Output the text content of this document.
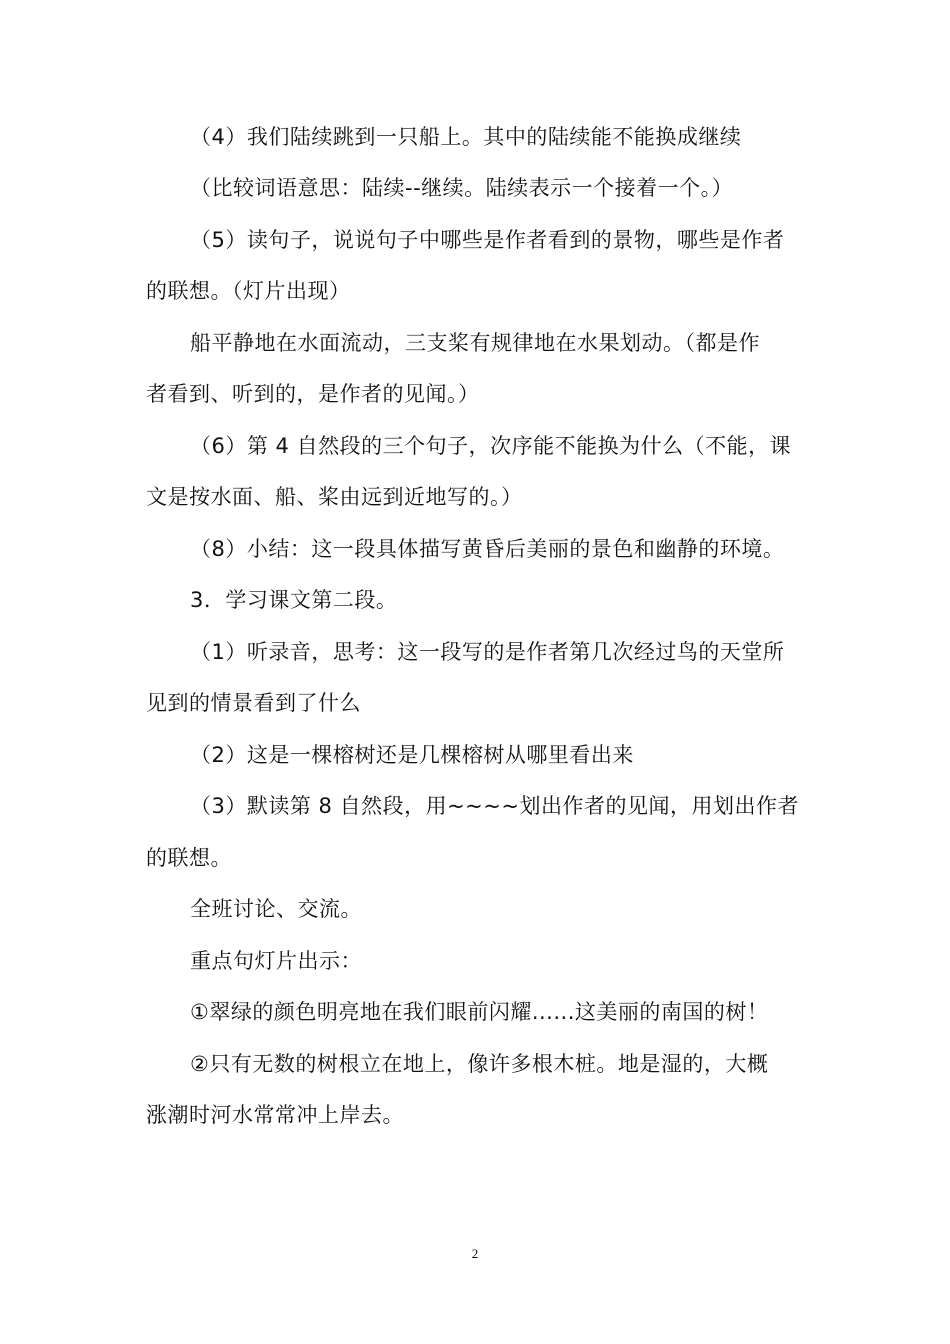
（4）我们陆续跳到一只船上。其中的陆续能不能换成继续
（比较词语意思：陆续--继续。陆续表示一个接着一个。）
（5）读句子，说说句子中哪些是作者看到的景物，哪些是作者
的联想。（灯片出现）
船平静地在水面流动，三支桨有规律地在水果划动。（都是作
者看到、听到的，是作者的见闻。）
（6）第 4 自然段的三个句子，次序能不能换为什么（不能，课
文是按水面、船、桨由远到近地写的。）
（8）小结：这一段具体描写黄昏后美丽的景色和幽静的环境。
3．学习课文第二段。
（1）听录音，思考：这一段写的是作者第几次经过鸟的天堂所
见到的情景看到了什么
（2）这是一棵榕树还是几棵榕树从哪里看出来
（3）默读第 8 自然段，用~~~~划出作者的见闻，用划出作者
的联想。
全班讨论、交流。
重点句灯片出示：
①翠绿的颜色明亮地在我们眼前闪耀......这美丽的南国的树！
②只有无数的树根立在地上，像许多根木桩。地是湿的，大概
涨潮时河水常常冲上岸去。
2
